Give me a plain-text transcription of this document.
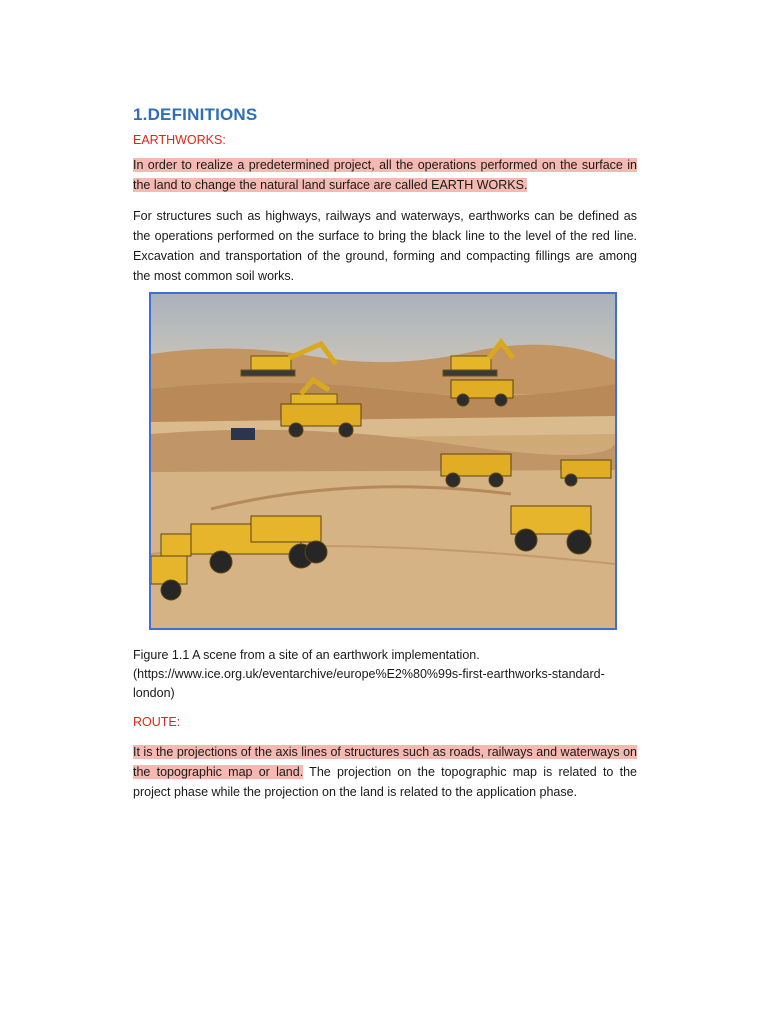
1.DEFINITIONS
EARTHWORKS:

In order to realize a predetermined project, all the operations performed on the surface in the land to change the natural land surface are called EARTH WORKS.

For structures such as highways, railways and waterways, earthworks can be defined as the operations performed on the surface to bring the black line to the level of the red line. Excavation and transportation of the ground, forming and compacting fillings are among the most common soil works.

Figure 1.1 A scene from a site of an earthwork implementation.
(https://www.ice.org.uk/eventarchive/europe%E2%80%99s-first-earthworks-standard-london)
ROUTE:

It is the projections of the axis lines of structures such as roads, railways and waterways on the topographic map or land. The projection on the topographic map is related to the project phase while the projection on the land is related to the application phase.
